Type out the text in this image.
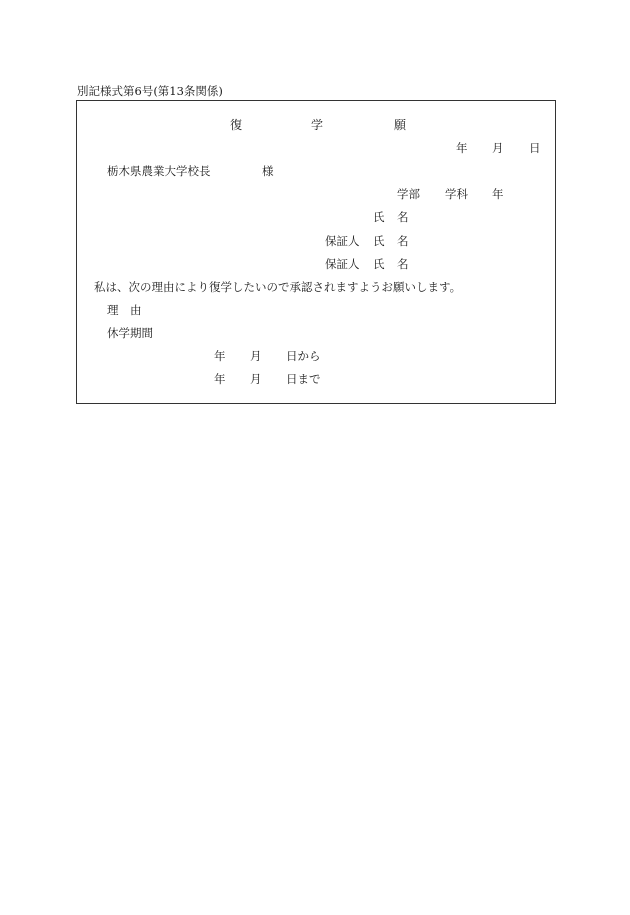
別記様式第6号(第13条関係)
復	学	願
年 月 日
栃木県農業大学校長	様
学部 学科 年
氏 名
保証人 氏 名
保証人 氏 名
私は、次の理由により復学したいので承認されますようお願いします。
理 由
休学期間
年 月 日から
年 月 日まで
